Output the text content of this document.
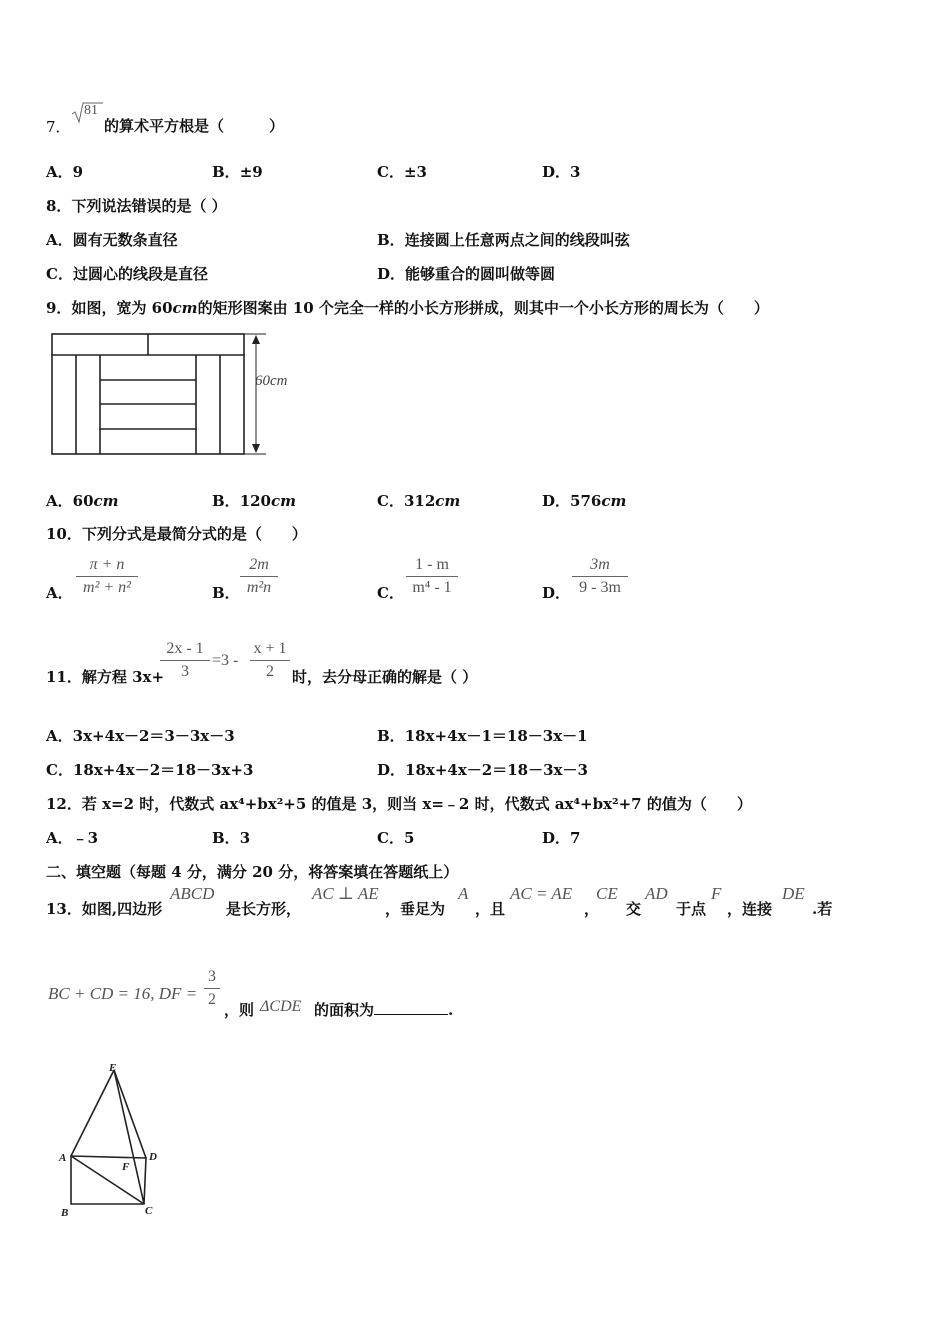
7．
81
的算术平方根是（　　　）
A．9	B．±9	C．±3	D．3
8．下列说法错误的是（ ）
A．圆有无数条直径	B．连接圆上任意两点之间的线段叫弦
C．过圆心的线段是直径	D．能够重合的圆叫做等圆
9．如图，宽为 60cm的矩形图案由 10 个完全一样的小长方形拼成，则其中一个小长方形的周长为（　　）
60cm
A．60cm	B．120cm	C．312cm	D．576cm
10．下列分式是最简分式的是（　　）
A．
π + n
m² + n²	B．
2m
m²n	C．
1 - m
m⁴ - 1	D．
3m
9 - 3m
11．解方程 3x+
2x - 1
3
=3 -
x + 1
2	时，去分母正确的解是（ ）
A．3x+4x－2＝3－3x－3	B．18x+4x－1＝18－3x－1
C．18x+4x－2＝18－3x+3	D．18x+4x－2＝18－3x－3
12．若 x=2 时，代数式 ax⁴+bx²+5 的值是 3，则当 x=﹣2 时，代数式 ax⁴+bx²+7 的值为（　　）
A．﹣3	B．3	C．5	D．7
二、填空题（每题 4 分，满分 20 分，将答案填在答题纸上）
13．如图,四边形
ABCD
是长方形，
AC ⊥ AE
，垂足为
A
，且
AC = AE
，
CE
交
AD
于点
F
，连接
DE
.若
BC + CD = 16, DF =
3
2
，则 ΔCDE 的面积为	.
E
A	D
F
B	C
